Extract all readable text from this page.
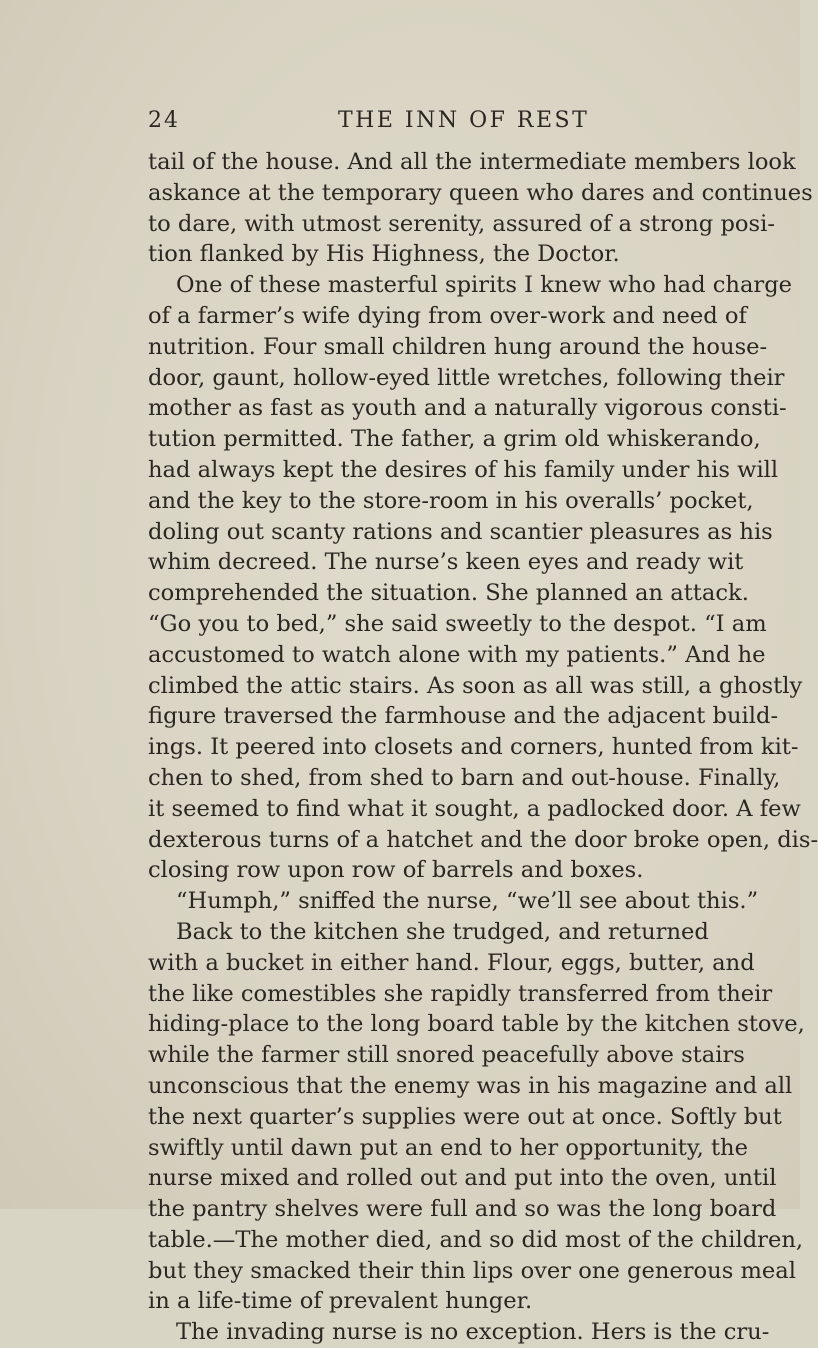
24	THE INN OF REST
tail of the house. And all the intermediate members look
askance at the temporary queen who dares and continues
to dare, with utmost serenity, assured of a strong posi-
tion flanked by His Highness, the Doctor.
One of these masterful spirits I knew who had charge
of a farmer’s wife dying from over-work and need of
nutrition. Four small children hung around the house-
door, gaunt, hollow-eyed little wretches, following their
mother as fast as youth and a naturally vigorous consti-
tution permitted. The father, a grim old whiskerando,
had always kept the desires of his family under his will
and the key to the store-room in his overalls’ pocket,
doling out scanty rations and scantier pleasures as his
whim decreed. The nurse’s keen eyes and ready wit
comprehended the situation. She planned an attack.
“Go you to bed,” she said sweetly to the despot. “I am
accustomed to watch alone with my patients.” And he
climbed the attic stairs. As soon as all was still, a ghostly
figure traversed the farmhouse and the adjacent build-
ings. It peered into closets and corners, hunted from kit-
chen to shed, from shed to barn and out-house. Finally,
it seemed to find what it sought, a padlocked door. A few
dexterous turns of a hatchet and the door broke open, dis-
closing row upon row of barrels and boxes.
“Humph,” sniffed the nurse, “we’ll see about this.”
Back to the kitchen she trudged, and returned
with a bucket in either hand. Flour, eggs, butter, and
the like comestibles she rapidly transferred from their
hiding-place to the long board table by the kitchen stove,
while the farmer still snored peacefully above stairs
unconscious that the enemy was in his magazine and all
the next quarter’s supplies were out at once. Softly but
swiftly until dawn put an end to her opportunity, the
nurse mixed and rolled out and put into the oven, until
the pantry shelves were full and so was the long board
table.—The mother died, and so did most of the children,
but they smacked their thin lips over one generous meal
in a life-time of prevalent hunger.
The invading nurse is no exception. Hers is the cru-
